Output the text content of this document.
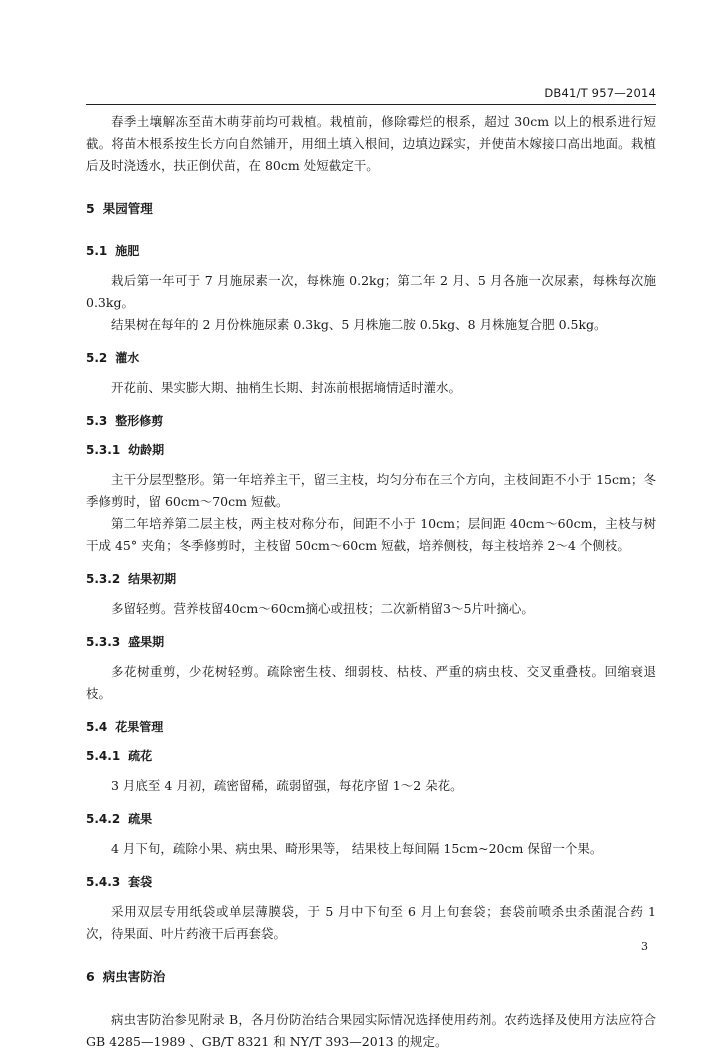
DB41/T 957—2014

春季土壤解冻至苗木萌芽前均可栽植。栽植前，修除霉烂的根系，超过 30cm 以上的根系进行短截。将苗木根系按生长方向自然铺开，用细土填入根间，边填边踩实，并使苗木嫁接口高出地面。栽植后及时浇透水，扶正倒伏苗，在 80cm 处短截定干。

5 果园管理
5.1 施肥

栽后第一年可于 7 月施尿素一次，每株施 0.2kg；第二年 2 月、5 月各施一次尿素，每株每次施 0.3kg。

结果树在每年的 2 月份株施尿素 0.3kg、5 月株施二胺 0.5kg、8 月株施复合肥 0.5kg。

5.2 灌水

开花前、果实膨大期、抽梢生长期、封冻前根据墒情适时灌水。

5.3 整形修剪
5.3.1 幼龄期

主干分层型整形。第一年培养主干，留三主枝，均匀分布在三个方向，主枝间距不小于 15cm；冬季修剪时，留 60cm～70cm 短截。

第二年培养第二层主枝，两主枝对称分布，间距不小于 10cm；层间距 40cm～60cm，主枝与树干成 45° 夹角；冬季修剪时，主枝留 50cm～60cm 短截，培养侧枝，每主枝培养 2～4 个侧枝。

5.3.2 结果初期

多留轻剪。营养枝留40cm～60cm摘心或扭枝；二次新梢留3～5片叶摘心。

5.3.3 盛果期

多花树重剪，少花树轻剪。疏除密生枝、细弱枝、枯枝、严重的病虫枝、交叉重叠枝。回缩衰退枝。

5.4 花果管理
5.4.1 疏花

3 月底至 4 月初，疏密留稀，疏弱留强，每花序留 1～2 朵花。

5.4.2 疏果

4 月下旬，疏除小果、病虫果、畸形果等， 结果枝上每间隔 15cm~20cm 保留一个果。

5.4.3 套袋

采用双层专用纸袋或单层薄膜袋，于 5 月中下旬至 6 月上旬套袋；套袋前喷杀虫杀菌混合药 1 次，待果面、叶片药液干后再套袋。

6 病虫害防治

病虫害防治参见附录 B，各月份防治结合果园实际情况选择使用药剂。农药选择及使用方法应符合 GB 4285—1989 、GB/T 8321 和 NY/T 393—2013 的规定。

3
